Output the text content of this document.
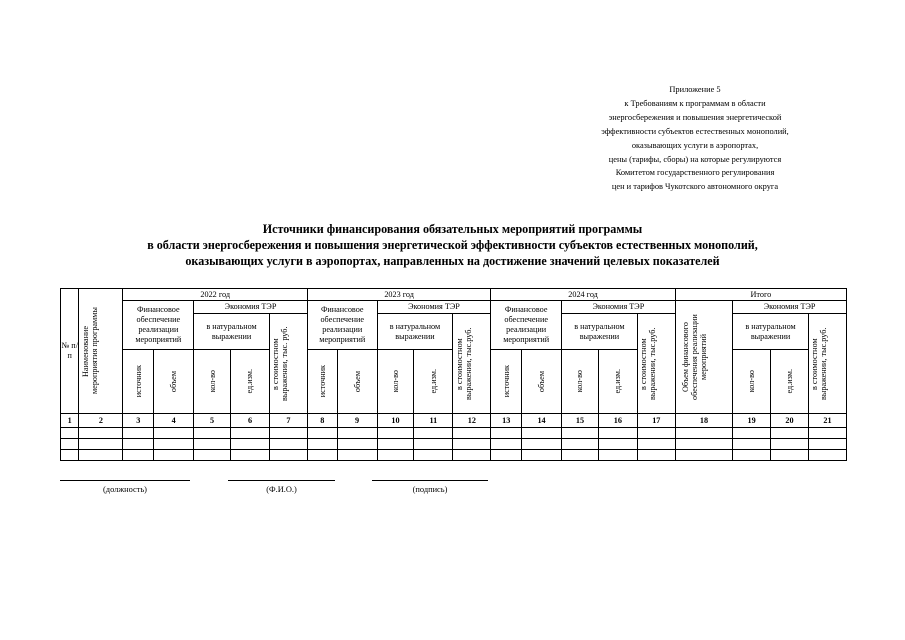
Приложение 5
к Требованиям к программам в области
энергосбережения и повышения энергетической
эффективности субъектов естественных монополий,
оказывающих услуги в аэропортах,
цены (тарифы, сборы) на которые регулируются
Комитетом государственного регулирования
цен и тарифов Чукотского автономного округа
Источники финансирования обязательных мероприятий программы
в области энергосбережения и повышения энергетической эффективности субъектов естественных монополий,
оказывающих услуги в аэропортах, направленных на достижение значений целевых показателей
№ п/п	Наименование мероприятия программы	2022 год					2023 год					2024 год					Итого			
		Финансовое обеспечение реализации мероприятий		Экономия ТЭР			Финансовое обеспечение реализации мероприятий		Экономия ТЭР			Финансовое обеспечение реализации мероприятий		Экономия ТЭР			Объем финансового обеспечения реализации мероприятий	Экономия ТЭР		
				в натуральном выражении		в стоимостном выражении, тыс. руб.			в натуральном выражении		в стоимостном выражении, тыс.руб.			в натуральном выражении		в стоимостном выражении, тыс.руб.		в натуральном выражении		в стоимостном выражении, тыс.руб.

		источник	объем	кол-во	ед.изм.		источник	объем	кол-во	ед.изм.		источник	объем	кол-во	ед.изм.			кол-во	ед.изм.	

1	2	3	4	5	6	7	8	9	10	11	12	13	14	15	16	17	18	19	20	21

(должность)	(Ф.И.О.)	(подпись)
